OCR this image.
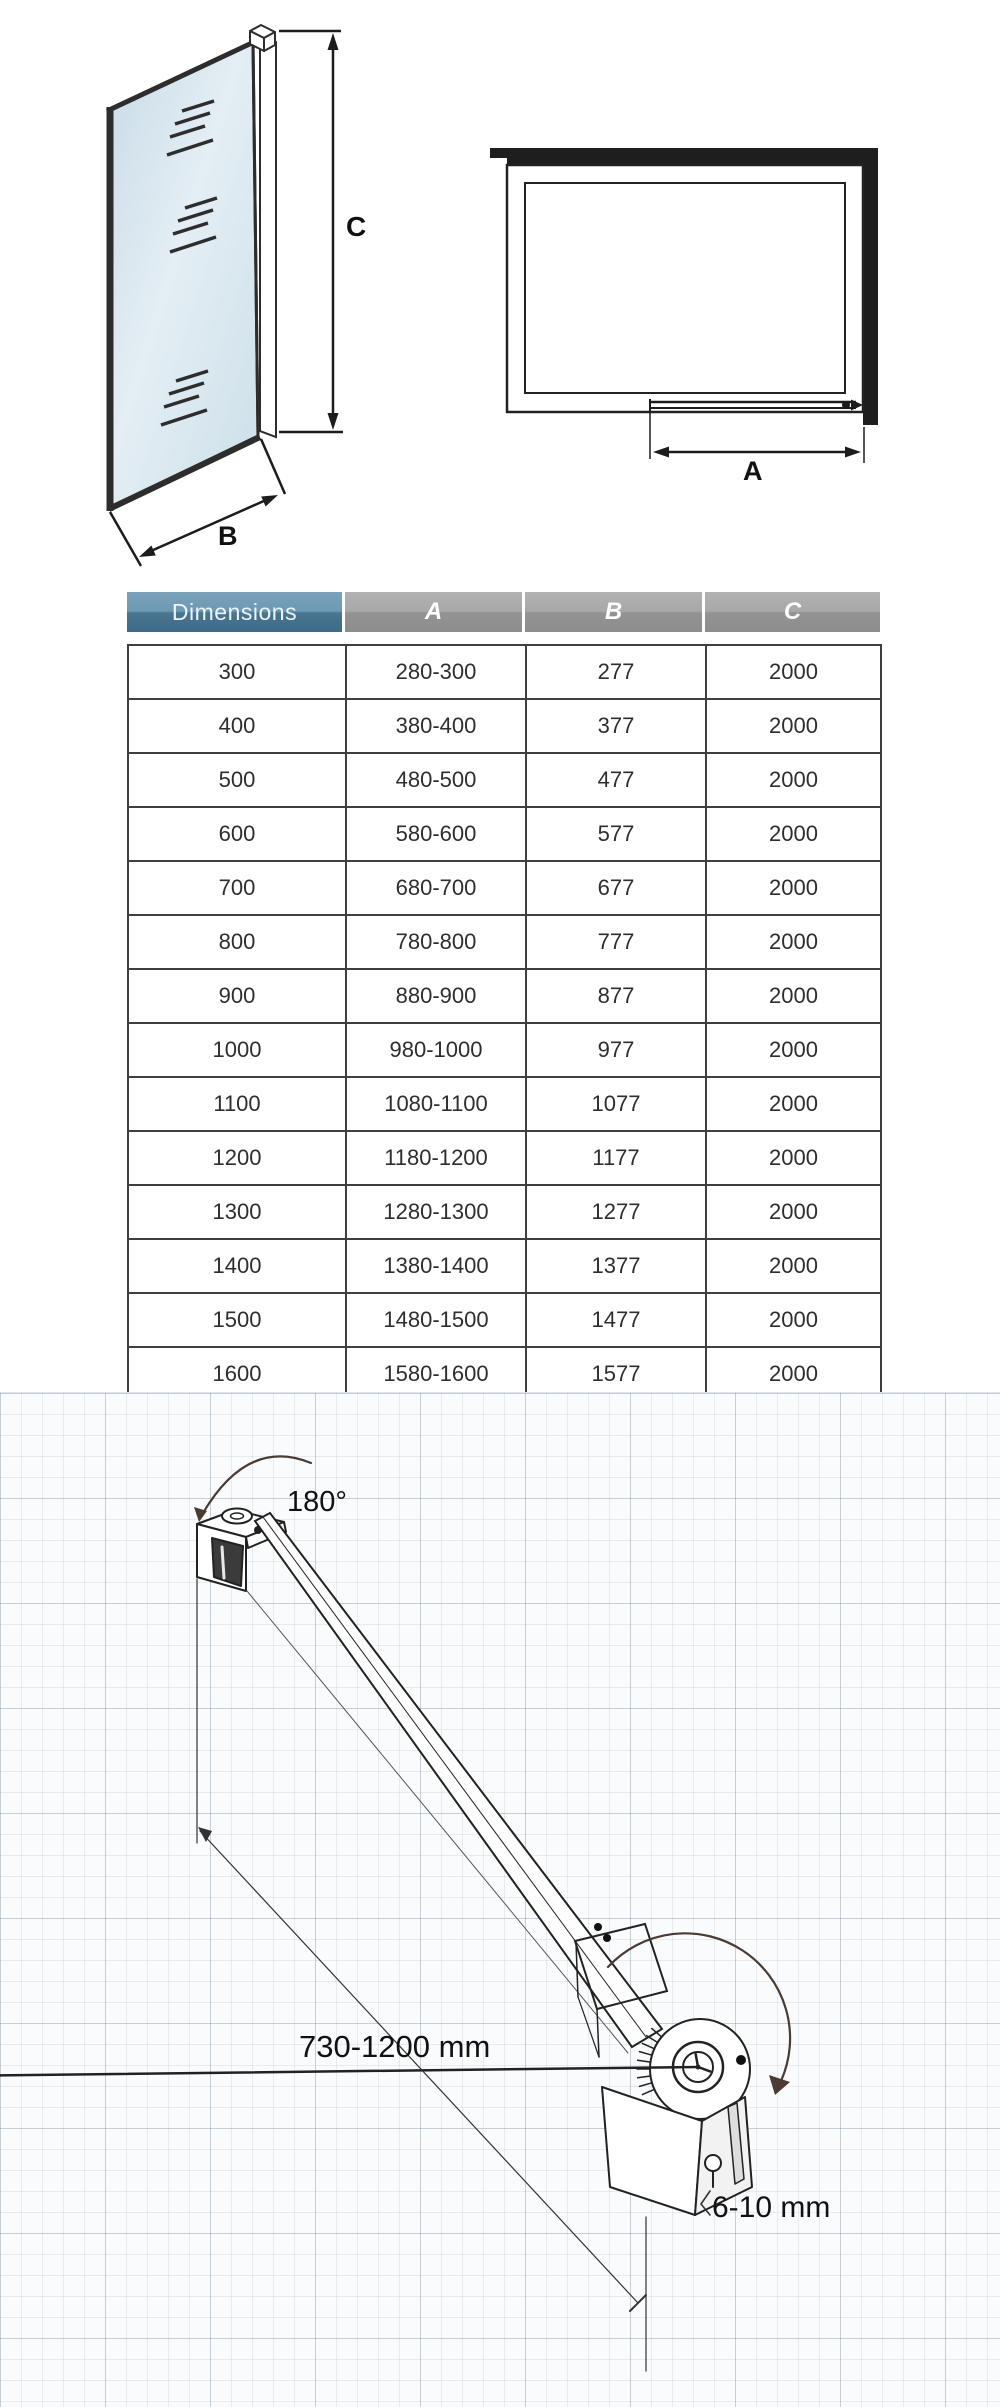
C
B
A
Dimensions	A	B	C
300	280-300	277	2000
400	380-400	377	2000
500	480-500	477	2000
600	580-600	577	2000
700	680-700	677	2000
800	780-800	777	2000
900	880-900	877	2000
1000	980-1000	977	2000
1100	1080-1100	1077	2000
1200	1180-1200	1177	2000
1300	1280-1300	1277	2000
1400	1380-1400	1377	2000
1500	1480-1500	1477	2000
1600	1580-1600	1577	2000
180°
730-1200 mm
6-10 mm
